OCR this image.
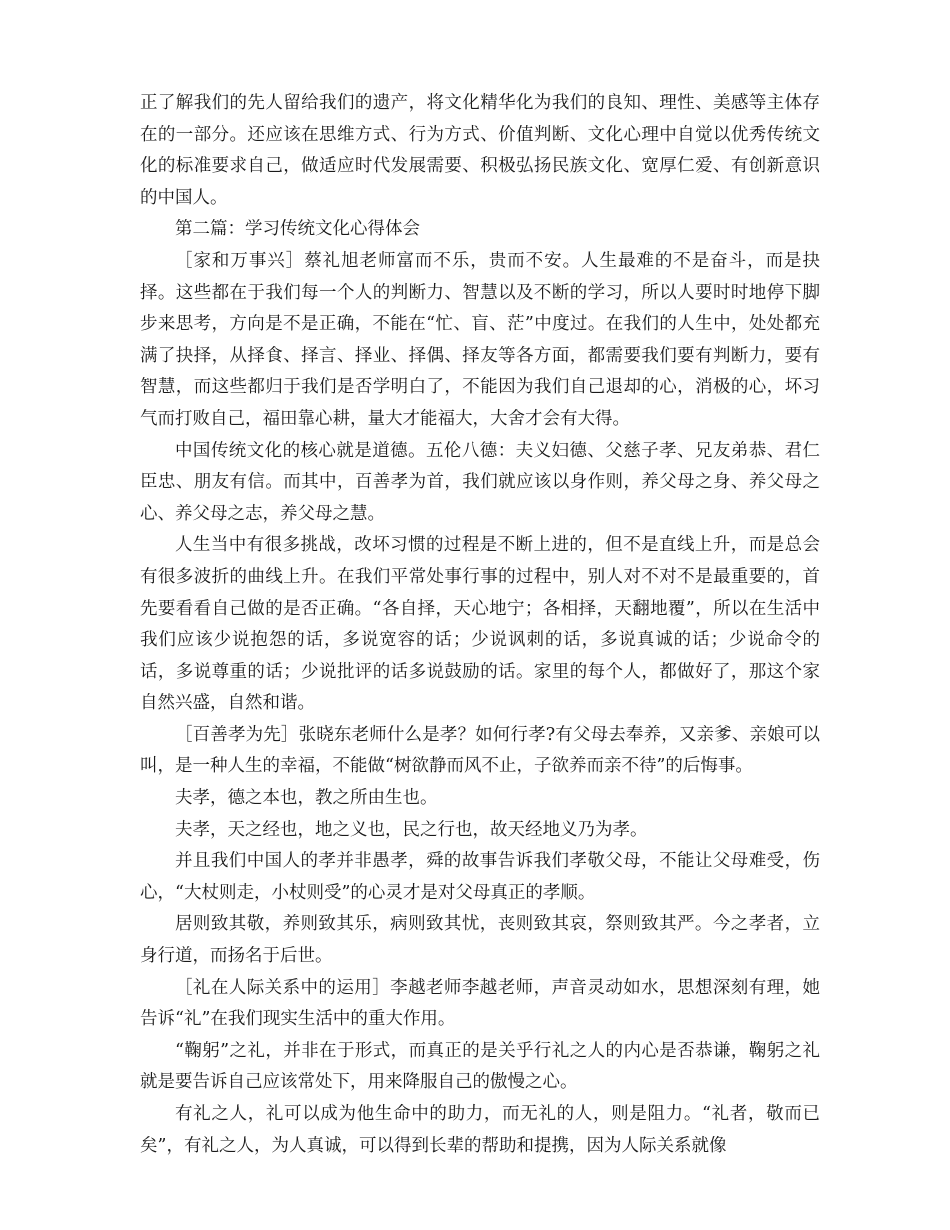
正了解我们的先人留给我们的遗产，将文化精华化为我们的良知、理性、美感等主体存在的一部分。还应该在思维方式、行为方式、价值判断、文化心理中自觉以优秀传统文化的标准要求自己，做适应时代发展需要、积极弘扬民族文化、宽厚仁爱、有创新意识的中国人。

第二篇：学习传统文化心得体会

［家和万事兴］蔡礼旭老师富而不乐，贵而不安。人生最难的不是奋斗，而是抉择。这些都在于我们每一个人的判断力、智慧以及不断的学习，所以人要时时地停下脚步来思考，方向是不是正确，不能在“忙、盲、茫”中度过。在我们的人生中，处处都充满了抉择，从择食、择言、择业、择偶、择友等各方面，都需要我们要有判断力，要有智慧，而这些都归于我们是否学明白了，不能因为我们自己退却的心，消极的心，坏习气而打败自己，福田靠心耕，量大才能福大，大舍才会有大得。

中国传统文化的核心就是道德。五伦八德：夫义妇德、父慈子孝、兄友弟恭、君仁臣忠、朋友有信。而其中，百善孝为首，我们就应该以身作则，养父母之身、养父母之心、养父母之志，养父母之慧。

人生当中有很多挑战，改坏习惯的过程是不断上进的，但不是直线上升，而是总会有很多波折的曲线上升。在我们平常处事行事的过程中，别人对不对不是最重要的，首先要看看自己做的是否正确。“各自择，天心地宁；各相择，天翻地覆”，所以在生活中我们应该少说抱怨的话，多说宽容的话；少说讽刺的话，多说真诚的话；少说命令的话，多说尊重的话；少说批评的话多说鼓励的话。家里的每个人，都做好了，那这个家自然兴盛，自然和谐。

［百善孝为先］张晓东老师什么是孝？如何行孝?有父母去奉养，又亲爹、亲娘可以叫，是一种人生的幸福，不能做“树欲静而风不止，子欲养而亲不待”的后悔事。

夫孝，德之本也，教之所由生也。

夫孝，天之经也，地之义也，民之行也，故天经地义乃为孝。

并且我们中国人的孝并非愚孝，舜的故事告诉我们孝敬父母，不能让父母难受，伤心，“大杖则走，小杖则受”的心灵才是对父母真正的孝顺。

居则致其敬，养则致其乐，病则致其忧，丧则致其哀，祭则致其严。今之孝者，立身行道，而扬名于后世。

［礼在人际关系中的运用］李越老师李越老师，声音灵动如水，思想深刻有理，她告诉“礼”在我们现实生活中的重大作用。

“鞠躬”之礼，并非在于形式，而真正的是关乎行礼之人的内心是否恭谦，鞠躬之礼就是要告诉自己应该常处下，用来降服自己的傲慢之心。

有礼之人，礼可以成为他生命中的助力，而无礼的人，则是阻力。“礼者，敬而已矣”，有礼之人，为人真诚，可以得到长辈的帮助和提携，因为人际关系就像
